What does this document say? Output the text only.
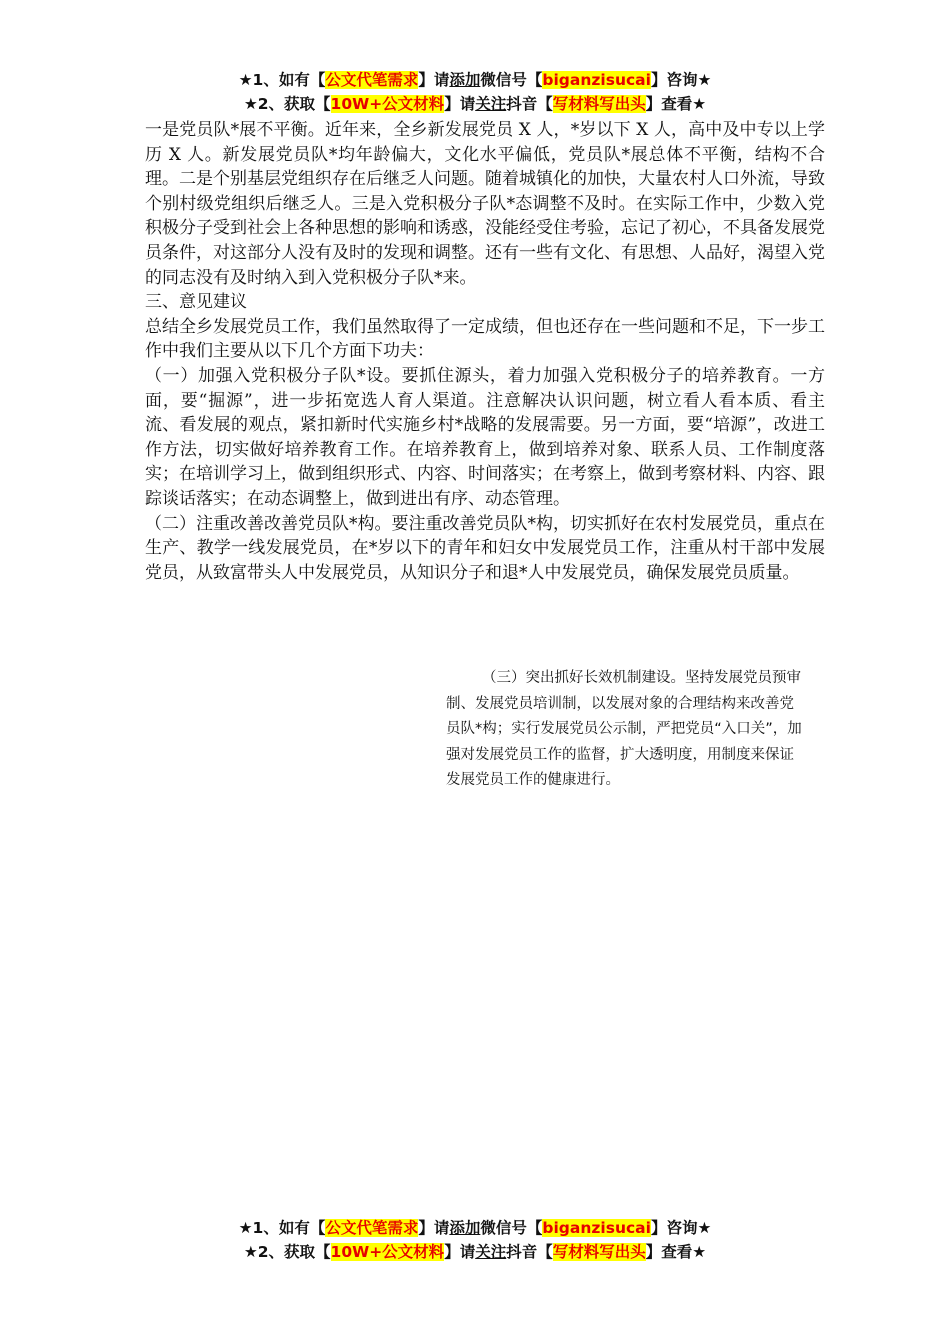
★1、如有【公文代笔需求】请添加微信号【biganzisucai】咨询★
★2、获取【10W+公文材料】请关注抖音【写材料写出头】查看★

一是党员队*展不平衡。近年来，全乡新发展党员 X 人，*岁以下 X 人，高中及中专以上学历 X 人。新发展党员队*均年龄偏大，文化水平偏低，党员队*展总体不平衡，结构不合理。二是个别基层党组织存在后继乏人问题。随着城镇化的加快，大量农村人口外流，导致个别村级党组织后继乏人。三是入党积极分子队*态调整不及时。在实际工作中，少数入党积极分子受到社会上各种思想的影响和诱惑，没能经受住考验，忘记了初心，不具备发展党员条件，对这部分人没有及时的发现和调整。还有一些有文化、有思想、人品好，渴望入党的同志没有及时纳入到入党积极分子队*来。

三、意见建议

总结全乡发展党员工作，我们虽然取得了一定成绩，但也还存在一些问题和不足，下一步工作中我们主要从以下几个方面下功夫：

（一）加强入党积极分子队*设。要抓住源头，着力加强入党积极分子的培养教育。一方面，要“掘源”，进一步拓宽选人育人渠道。注意解决认识问题，树立看人看本质、看主流、看发展的观点，紧扣新时代实施乡村*战略的发展需要。另一方面，要“培源”，改进工作方法，切实做好培养教育工作。在培养教育上，做到培养对象、联系人员、工作制度落实；在培训学习上，做到组织形式、内容、时间落实；在考察上，做到考察材料、内容、跟踪谈话落实；在动态调整上，做到进出有序、动态管理。

（二）注重改善改善党员队*构。要注重改善党员队*构，切实抓好在农村发展党员，重点在生产、教学一线发展党员，在*岁以下的青年和妇女中发展党员工作，注重从村干部中发展党员，从致富带头人中发展党员，从知识分子和退*人中发展党员，确保发展党员质量。

（三）突出抓好长效机制建设。坚持发展党员预审制、发展党员培训制，以发展对象的合理结构来改善党员队*构；实行发展党员公示制，严把党员“入口关”，加强对发展党员工作的监督，扩大透明度，用制度来保证发展党员工作的健康进行。
★1、如有【公文代笔需求】请添加微信号【biganzisucai】咨询★
★2、获取【10W+公文材料】请关注抖音【写材料写出头】查看★
